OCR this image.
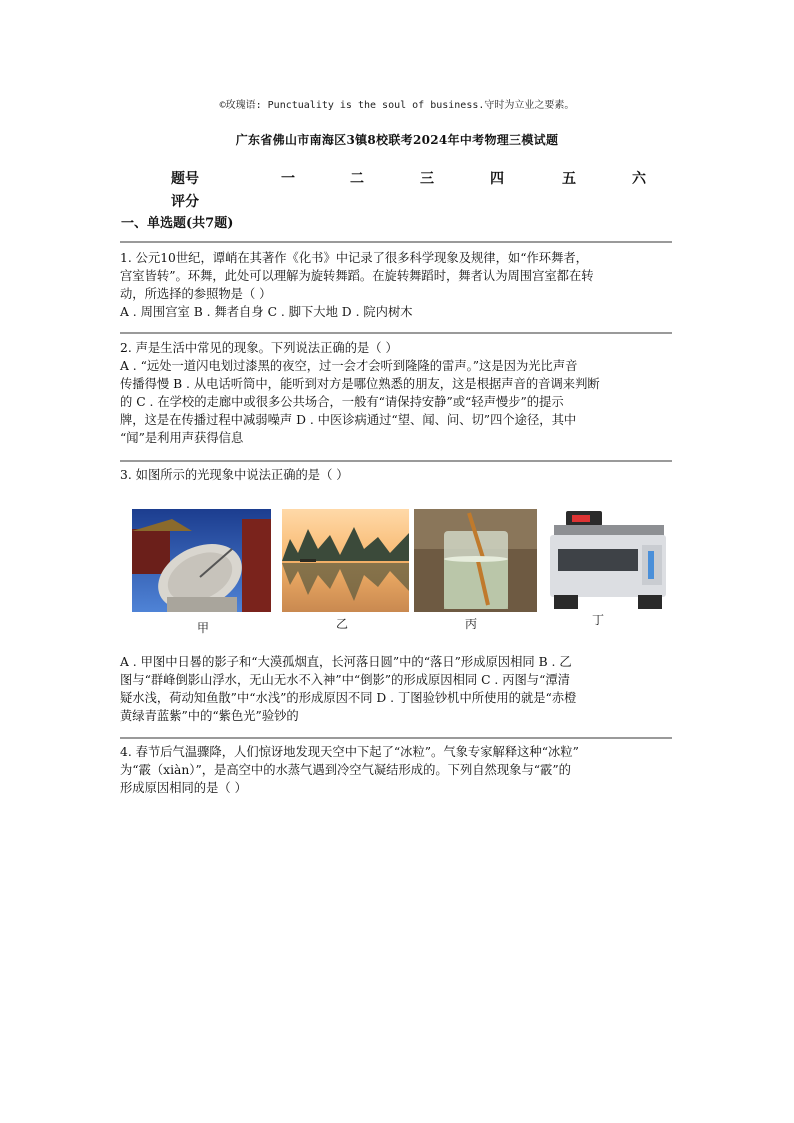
©玫瑰语: Punctuality is the soul of business.守时为立业之要素。
广东省佛山市南海区3镇8校联考2024年中考物理三模试题
题号	一	二	三	四	五	六
评分
一、单选题(共7题)

1. 公元10世纪，谭峭在其著作《化书》中记录了很多科学现象及规律，如“作环舞者，

宫室皆转”。环舞，此处可以理解为旋转舞蹈。在旋转舞蹈时，舞者认为周围宫室都在转

动，所选择的参照物是（ ）

A . 周围宫室 B . 舞者自身 C . 脚下大地 D . 院内树木

2. 声是生活中常见的现象。下列说法正确的是（ ）

A . “远处一道闪电划过漆黑的夜空，过一会才会听到隆隆的雷声。”这是因为光比声音

传播得慢 B . 从电话听筒中，能听到对方是哪位熟悉的朋友，这是根据声音的音调来判断

的 C . 在学校的走廊中或很多公共场合，一般有“请保持安静”或“轻声慢步”的提示

牌，这是在传播过程中减弱噪声 D . 中医诊病通过“望、闻、问、切”四个途径，其中

“闻”是利用声获得信息

3. 如图所示的光现象中说法正确的是（ ）

甲	乙	丙	丁

A . 甲图中日晷的影子和“大漠孤烟直，长河落日圆”中的“落日”形成原因相同 B . 乙

图与“群峰倒影山浮水，无山无水不入神”中“倒影”的形成原因相同 C . 丙图与“潭清

疑水浅，荷动知鱼散”中“水浅”的形成原因不同 D . 丁图验钞机中所使用的就是“赤橙

黄绿青蓝紫”中的“紫色光”验钞的

4. 春节后气温骤降，人们惊讶地发现天空中下起了“冰粒”。气象专家解释这种“冰粒”

为“霰（xiàn）”，是高空中的水蒸气遇到冷空气凝结形成的。下列自然现象与“霰”的

形成原因相同的是（ ）
